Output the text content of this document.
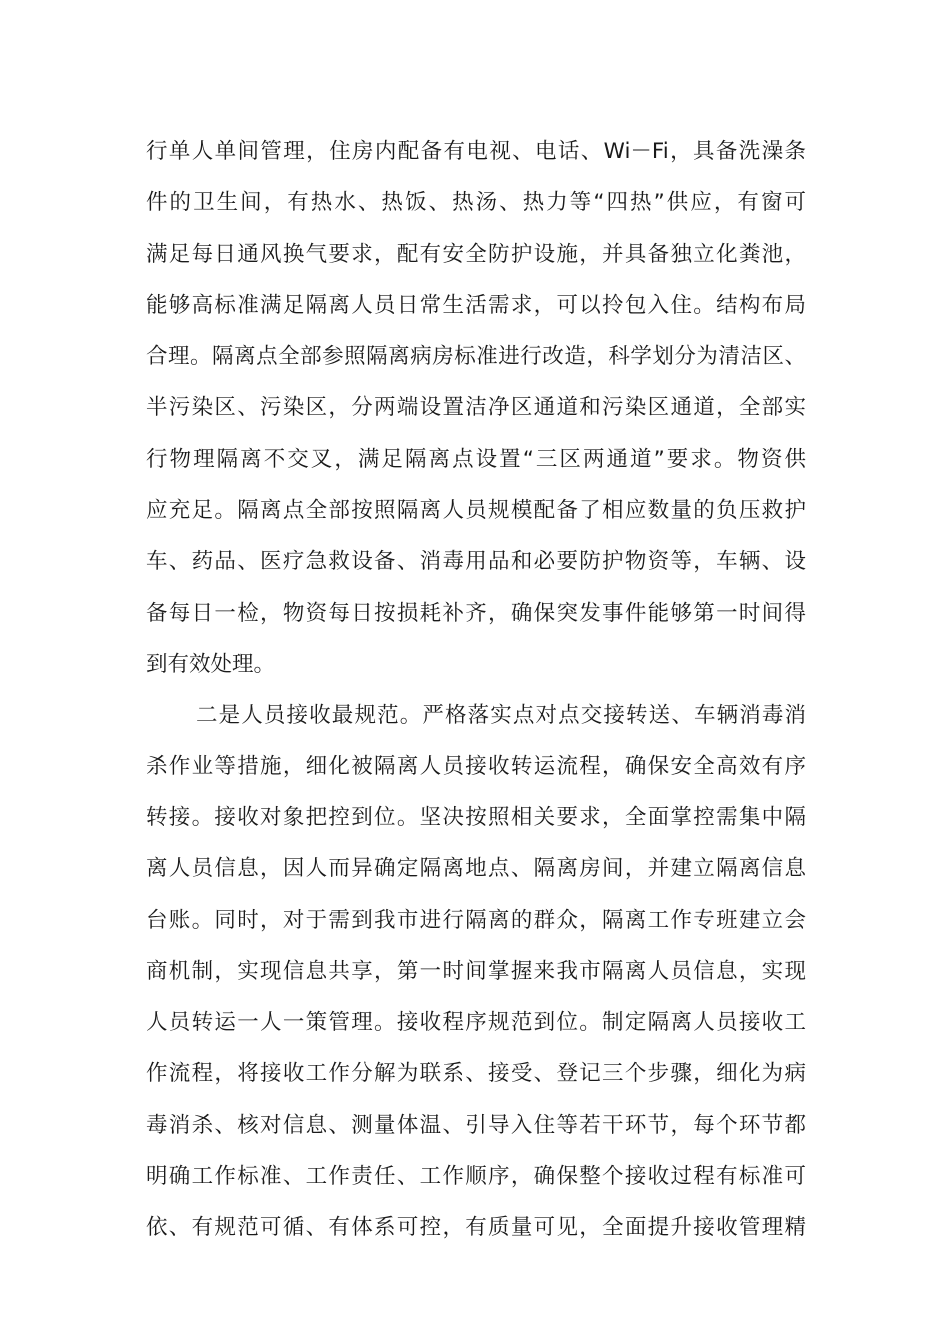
行单人单间管理，住房内配备有电视、电话、Wi－Fi，具备洗澡条
件的卫生间，有热水、热饭、热汤、热力等“四热”供应，有窗可
满足每日通风换气要求，配有安全防护设施，并具备独立化粪池，
能够高标准满足隔离人员日常生活需求，可以拎包入住。结构布局
合理。隔离点全部参照隔离病房标准进行改造，科学划分为清洁区、
半污染区、污染区，分两端设置洁净区通道和污染区通道，全部实
行物理隔离不交叉，满足隔离点设置“三区两通道”要求。物资供
应充足。隔离点全部按照隔离人员规模配备了相应数量的负压救护
车、药品、医疗急救设备、消毒用品和必要防护物资等，车辆、设
备每日一检，物资每日按损耗补齐，确保突发事件能够第一时间得
到有效处理。
二是人员接收最规范。严格落实点对点交接转送、车辆消毒消
杀作业等措施，细化被隔离人员接收转运流程，确保安全高效有序
转接。接收对象把控到位。坚决按照相关要求，全面掌控需集中隔
离人员信息，因人而异确定隔离地点、隔离房间，并建立隔离信息
台账。同时，对于需到我市进行隔离的群众，隔离工作专班建立会
商机制，实现信息共享，第一时间掌握来我市隔离人员信息，实现
人员转运一人一策管理。接收程序规范到位。制定隔离人员接收工
作流程，将接收工作分解为联系、接受、登记三个步骤，细化为病
毒消杀、核对信息、测量体温、引导入住等若干环节，每个环节都
明确工作标准、工作责任、工作顺序，确保整个接收过程有标准可
依、有规范可循、有体系可控，有质量可见，全面提升接收管理精
